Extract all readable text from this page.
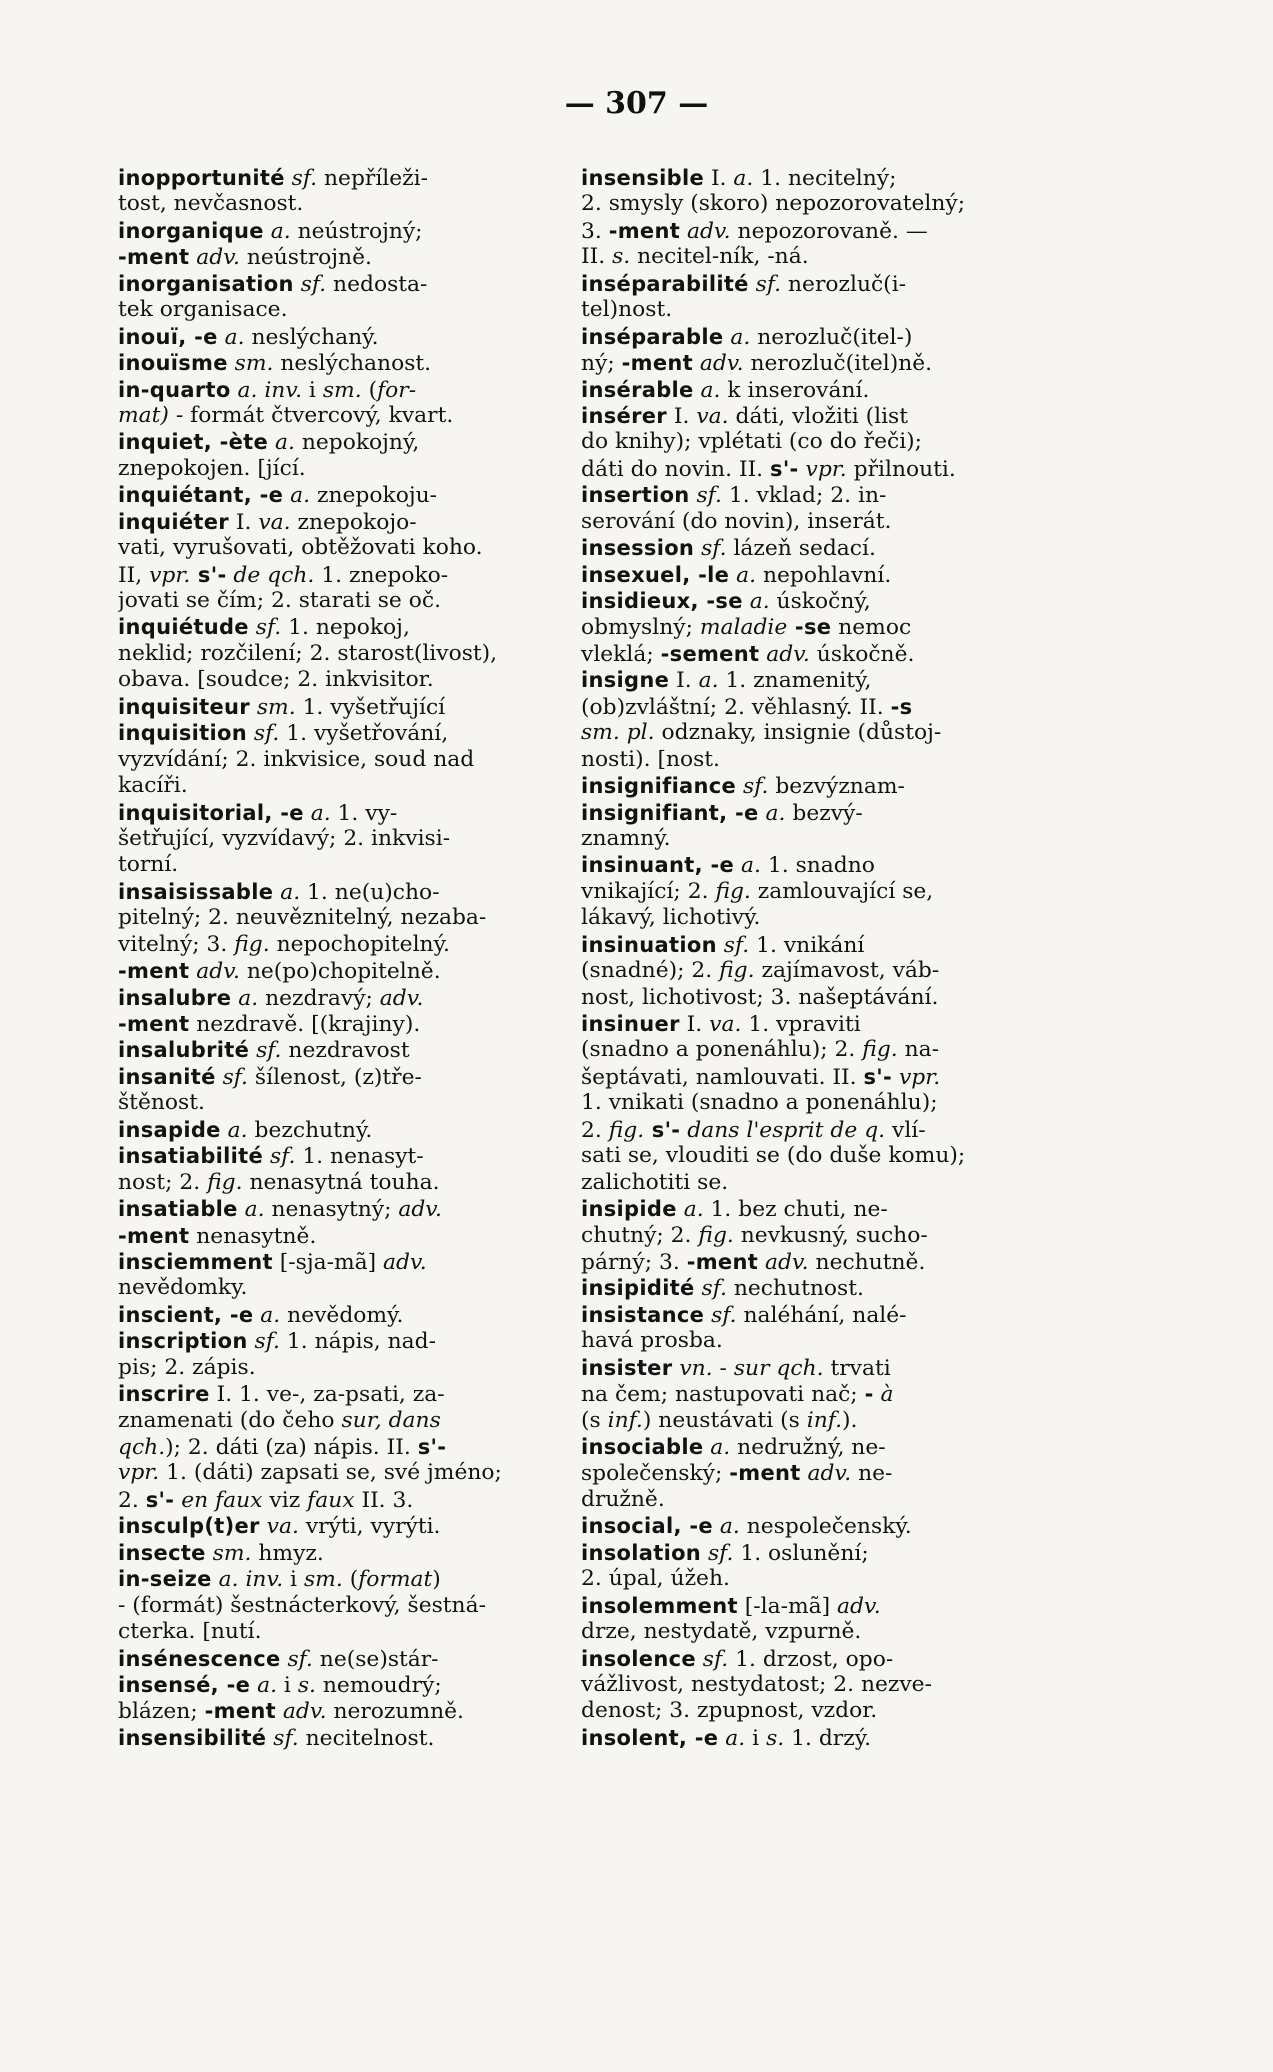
— 307 —
inopportunité sf. nepříleži-
tost, nevčasnost.
inorganique a. neústrojný;
-ment adv. neústrojně.
inorganisation sf. nedosta-
tek organisace.
inouï, -e a. neslýchaný.
inouïsme sm. neslýchanost.
in-quarto a. inv. i sm. (for-
mat) - formát čtvercový, kvart.
inquiet, -ète a. nepokojný,
znepokojen. [jící.
inquiétant, -e a. znepokoju-
inquiéter I. va. znepokojo-
vati, vyrušovati, obtěžovati koho.
II, vpr. s'- de qch. 1. znepoko-
jovati se čím; 2. starati se oč.
inquiétude sf. 1. nepokoj,
neklid; rozčilení; 2. starost(livost),
obava. [soudce; 2. inkvisitor.
inquisiteur sm. 1. vyšetřující
inquisition sf. 1. vyšetřování,
vyzvídání; 2. inkvisice, soud nad
kacíři.
inquisitorial, -e a. 1. vy-
šetřující, vyzvídavý; 2. inkvisi-
torní.
insaisissable a. 1. ne(u)cho-
pitelný; 2. neuvěznitelný, nezaba-
vitelný; 3. fig. nepochopitelný.
-ment adv. ne(po)chopitelně.
insalubre a. nezdravý; adv.
-ment nezdravě. [(krajiny).
insalubrité sf. nezdravost
insanité sf. šílenost, (z)tře-
štěnost.
insapide a. bezchutný.
insatiabilité sf. 1. nenasyt-
nost; 2. fig. nenasytná touha.
insatiable a. nenasytný; adv.
-ment nenasytně.
insciemment [-sja-mã] adv.
nevědomky.
inscient, -e a. nevědomý.
inscription sf. 1. nápis, nad-
pis; 2. zápis.
inscrire I. 1. ve-, za-psati, za-
znamenati (do čeho sur, dans
qch.); 2. dáti (za) nápis. II. s'-
vpr. 1. (dáti) zapsati se, své jméno;
2. s'- en faux viz faux II. 3.
insculp(t)er va. vrýti, vyrýti.
insecte sm. hmyz.
in-seize a. inv. i sm. (format)
- (formát) šestnácterkový, šestná-
cterka. [nutí.
insénescence sf. ne(se)stár-
insensé, -e a. i s. nemoudrý;
blázen; -ment adv. nerozumně.
insensibilité sf. necitelnost.
insensible I. a. 1. necitelný;
2. smysly (skoro) nepozorovatelný;
3. -ment adv. nepozorovaně. —
II. s. necitel-ník, -ná.
inséparabilité sf. nerozluč(i-
tel)nost.
inséparable a. nerozluč(itel-)
ný; -ment adv. nerozluč(itel)ně.
insérable a. k inserování.
insérer I. va. dáti, vložiti (list
do knihy); vplétati (co do řeči);
dáti do novin. II. s'- vpr. přilnouti.
insertion sf. 1. vklad; 2. in-
serování (do novin), inserát.
insession sf. lázeň sedací.
insexuel, -le a. nepohlavní.
insidieux, -se a. úskočný,
obmyslný; maladie -se nemoc
vleklá; -sement adv. úskočně.
insigne I. a. 1. znamenitý,
(ob)zvláštní; 2. věhlasný. II. -s
sm. pl. odznaky, insignie (důstoj-
nosti). [nost.
insignifiance sf. bezvýznam-
insignifiant, -e a. bezvý-
znamný.
insinuant, -e a. 1. snadno
vnikající; 2. fig. zamlouvající se,
lákavý, lichotivý.
insinuation sf. 1. vnikání
(snadné); 2. fig. zajímavost, váb-
nost, lichotivost; 3. našeptávání.
insinuer I. va. 1. vpraviti
(snadno a ponenáhlu); 2. fig. na-
šeptávati, namlouvati. II. s'- vpr.
1. vnikati (snadno a ponenáhlu);
2. fig. s'- dans l'esprit de q. vlí-
sati se, vlouditi se (do duše komu);
zalichotiti se.
insipide a. 1. bez chuti, ne-
chutný; 2. fig. nevkusný, sucho-
párný; 3. -ment adv. nechutně.
insipidité sf. nechutnost.
insistance sf. naléhání, nalé-
havá prosba.
insister vn. - sur qch. trvati
na čem; nastupovati nač; - à
(s inf.) neustávati (s inf.).
insociable a. nedružný, ne-
společenský; -ment adv. ne-
družně.
insocial, -e a. nespolečenský.
insolation sf. 1. oslunění;
2. úpal, úžeh.
insolemment [-la-mã] adv.
drze, nestydatě, vzpurně.
insolence sf. 1. drzost, opo-
vážlivost, nestydatost; 2. nezve-
denost; 3. zpupnost, vzdor.
insolent, -e a. i s. 1. drzý.
